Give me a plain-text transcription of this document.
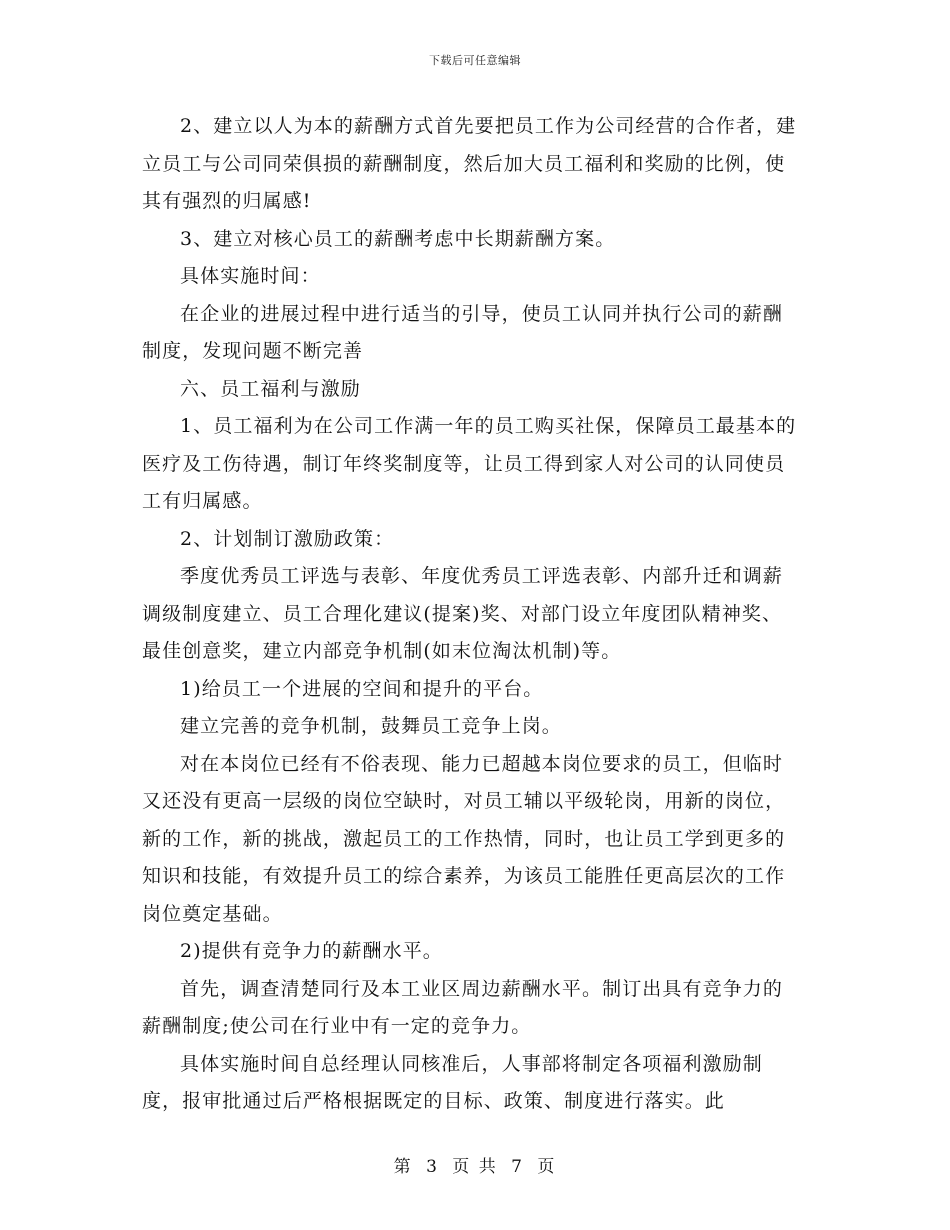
下载后可任意编辑

2、建立以人为本的薪酬方式首先要把员工作为公司经营的合作者，建立员工与公司同荣俱损的薪酬制度，然后加大员工福利和奖励的比例，使其有强烈的归属感!

3、建立对核心员工的薪酬考虑中长期薪酬方案。

具体实施时间：

在企业的进展过程中进行适当的引导，使员工认同并执行公司的薪酬制度，发现问题不断完善

六、员工福利与激励

1、员工福利为在公司工作满一年的员工购买社保，保障员工最基本的医疗及工伤待遇，制订年终奖制度等，让员工得到家人对公司的认同使员工有归属感。

2、计划制订激励政策：

季度优秀员工评选与表彰、年度优秀员工评选表彰、内部升迁和调薪调级制度建立、员工合理化建议(提案)奖、对部门设立年度团队精神奖、最佳创意奖，建立内部竞争机制(如末位淘汰机制)等。

1)给员工一个进展的空间和提升的平台。

建立完善的竞争机制，鼓舞员工竞争上岗。

对在本岗位已经有不俗表现、能力已超越本岗位要求的员工，但临时又还没有更高一层级的岗位空缺时，对员工辅以平级轮岗，用新的岗位，新的工作，新的挑战，激起员工的工作热情，同时，也让员工学到更多的知识和技能，有效提升员工的综合素养，为该员工能胜任更高层次的工作岗位奠定基础。

2)提供有竞争力的薪酬水平。

首先，调查清楚同行及本工业区周边薪酬水平。制订出具有竞争力的薪酬制度;使公司在行业中有一定的竞争力。

具体实施时间自总经理认同核准后，人事部将制定各项福利激励制度，报审批通过后严格根据既定的目标、政策、制度进行落实。此

第 3 页 共 7 页
